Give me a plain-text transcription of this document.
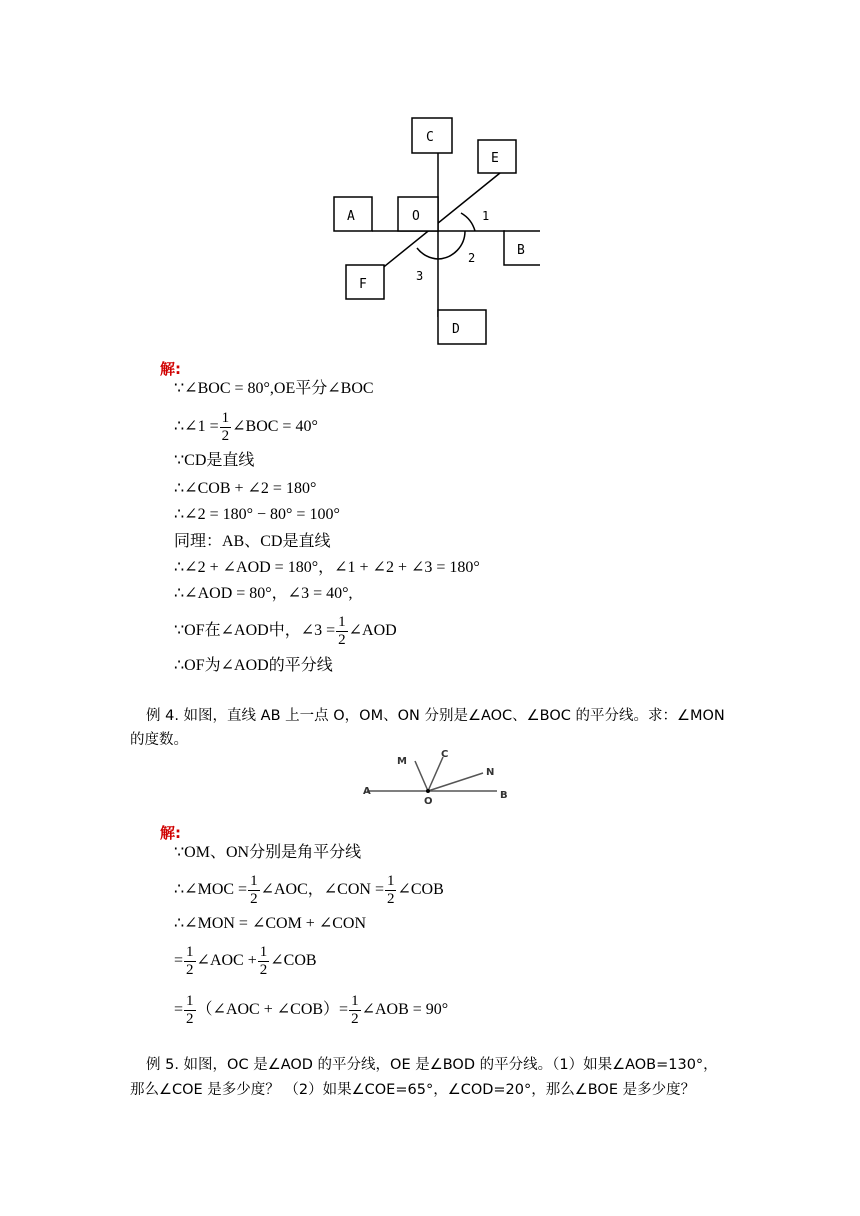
C
E
A	O
B
F
D
1
2
3
解:
∵∠BOC = 80°,OE平分∠BOC
∴∠1 = $\frac{1}{2}$ ∠BOC = 40°
∵CD是直线
∴∠COB + ∠2 = 180°
∴∠2 = 180° − 80° = 100°
同理：AB、CD是直线
∴∠2 + ∠AOD = 180°，∠1 + ∠2 + ∠3 = 180°
∴∠AOD = 80°，∠3 = 40°,
∵OF在∠AOD中，∠3 = $\frac{1}{2}$ ∠AOD
∴OF为∠AOD的平分线
例 4. 如图，直线 AB 上一点 O，OM、ON 分别是∠AOC、∠BOC 的平分线。求：∠MON
的度数。
M
C
N
A
O
B
解:
∵OM、ON分别是角平分线
∴∠MOC = $\frac{1}{2}$ ∠AOC，∠CON = $\frac{1}{2}$ ∠COB
∴∠MON = ∠COM + ∠CON
= $\frac{1}{2}$ ∠AOC + $\frac{1}{2}$ ∠COB
= $\frac{1}{2}$ （∠AOC + ∠COB）= $\frac{1}{2}$ ∠AOB = 90°
例 5. 如图，OC 是∠AOD 的平分线，OE 是∠BOD 的平分线。（1）如果∠AOB=130°，
那么∠COE 是多少度？ （2）如果∠COE=65°，∠COD=20°，那么∠BOE 是多少度？
